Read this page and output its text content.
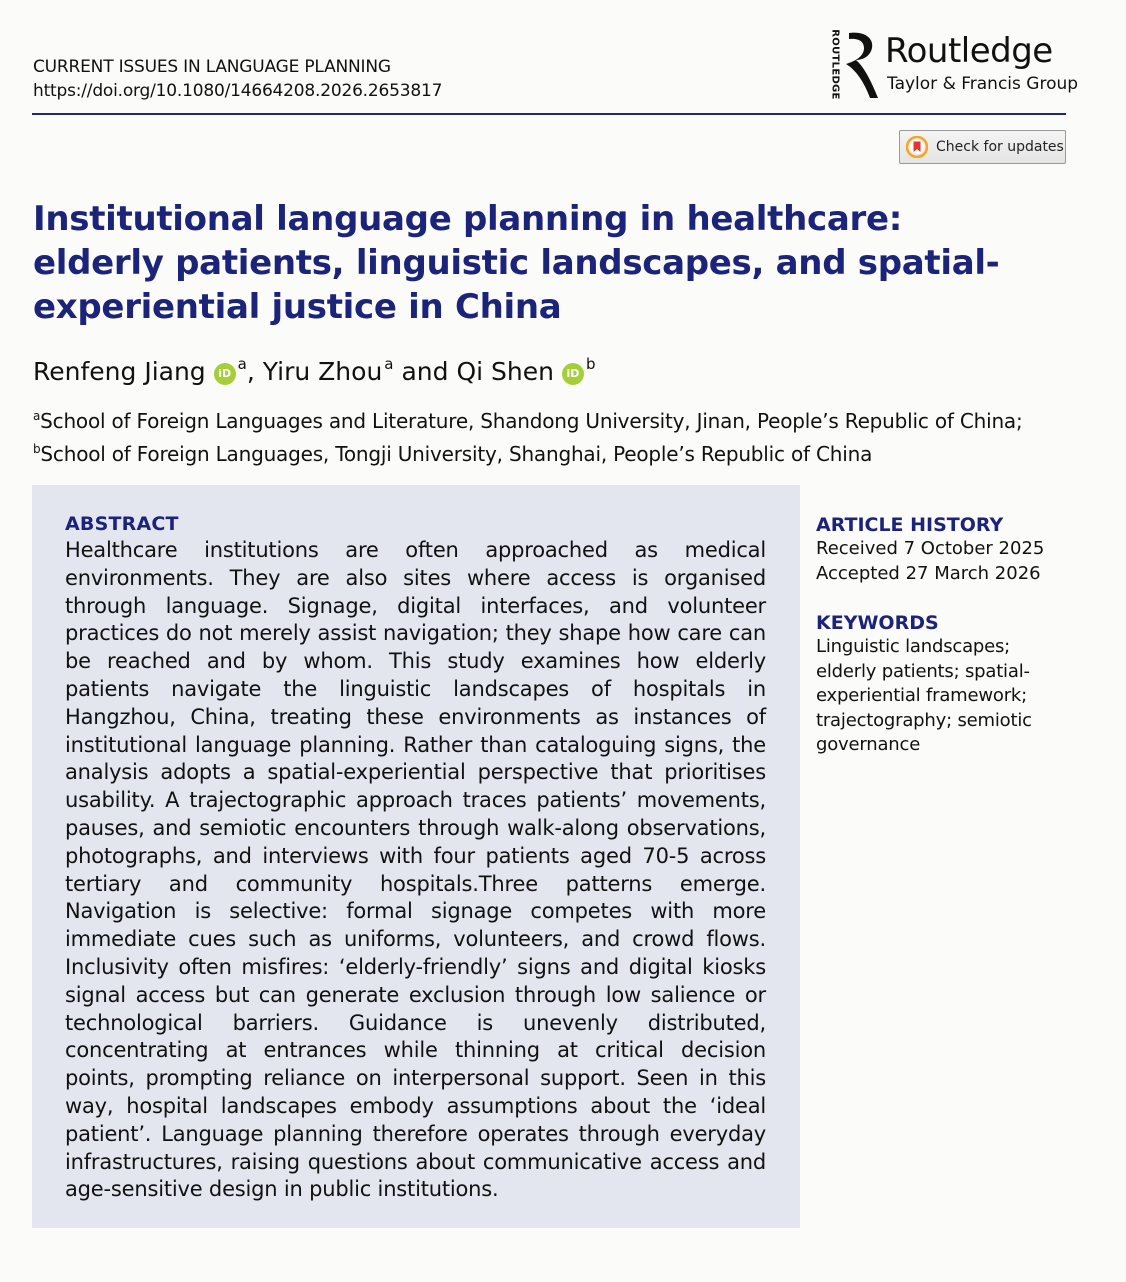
CURRENT ISSUES IN LANGUAGE PLANNING
https://doi.org/10.1080/14664208.2026.2653817	ROUTLEDGE Routledge
Taylor & Francis Group
Check for updates
Institutional language planning in healthcare: elderly patients, linguistic landscapes, and spatial-experiential justice in China
Renfeng Jiang $iD^a$, Yiru Zhou $^a$ and Qi Shen $iD^b$
$^a$School of Foreign Languages and Literature, Shandong University, Jinan, People’s Republic of China;
$^b$School of Foreign Languages, Tongji University, Shanghai, People’s Republic of China
ABSTRACT

Healthcare institutions are often approached as medical environments. They are also sites where access is organised through language. Signage, digital interfaces, and volunteer practices do not merely assist navigation; they shape how care can be reached and by whom. This study examines how elderly patients navigate the linguistic landscapes of hospitals in Hangzhou, China, treating these environments as instances of institutional language planning. Rather than cataloguing signs, the analysis adopts a spatial-experiential perspective that prioritises usability. A trajectographic approach traces patients’ movements, pauses, and semiotic encounters through walk-along observations, photographs, and interviews with four patients aged 70-5 across tertiary and community hospitals.Three patterns emerge. Navigation is selective: formal signage competes with more immediate cues such as uniforms, volunteers, and crowd flows. Inclusivity often misfires: ‘elderly-friendly’ signs and digital kiosks signal access but can generate exclusion through low salience or technological barriers. Guidance is unevenly distributed, concentrating at entrances while thinning at critical decision points, prompting reliance on interpersonal support. Seen in this way, hospital landscapes embody assumptions about the ‘ideal patient’. Language planning therefore operates through everyday infrastructures, raising questions about communicative access and age-sensitive design in public institutions.

ARTICLE HISTORY
Received 7 October 2025
Accepted 27 March 2026
KEYWORDS
Linguistic landscapes; elderly patients; spatial-experiential framework; trajectography; semiotic governance
